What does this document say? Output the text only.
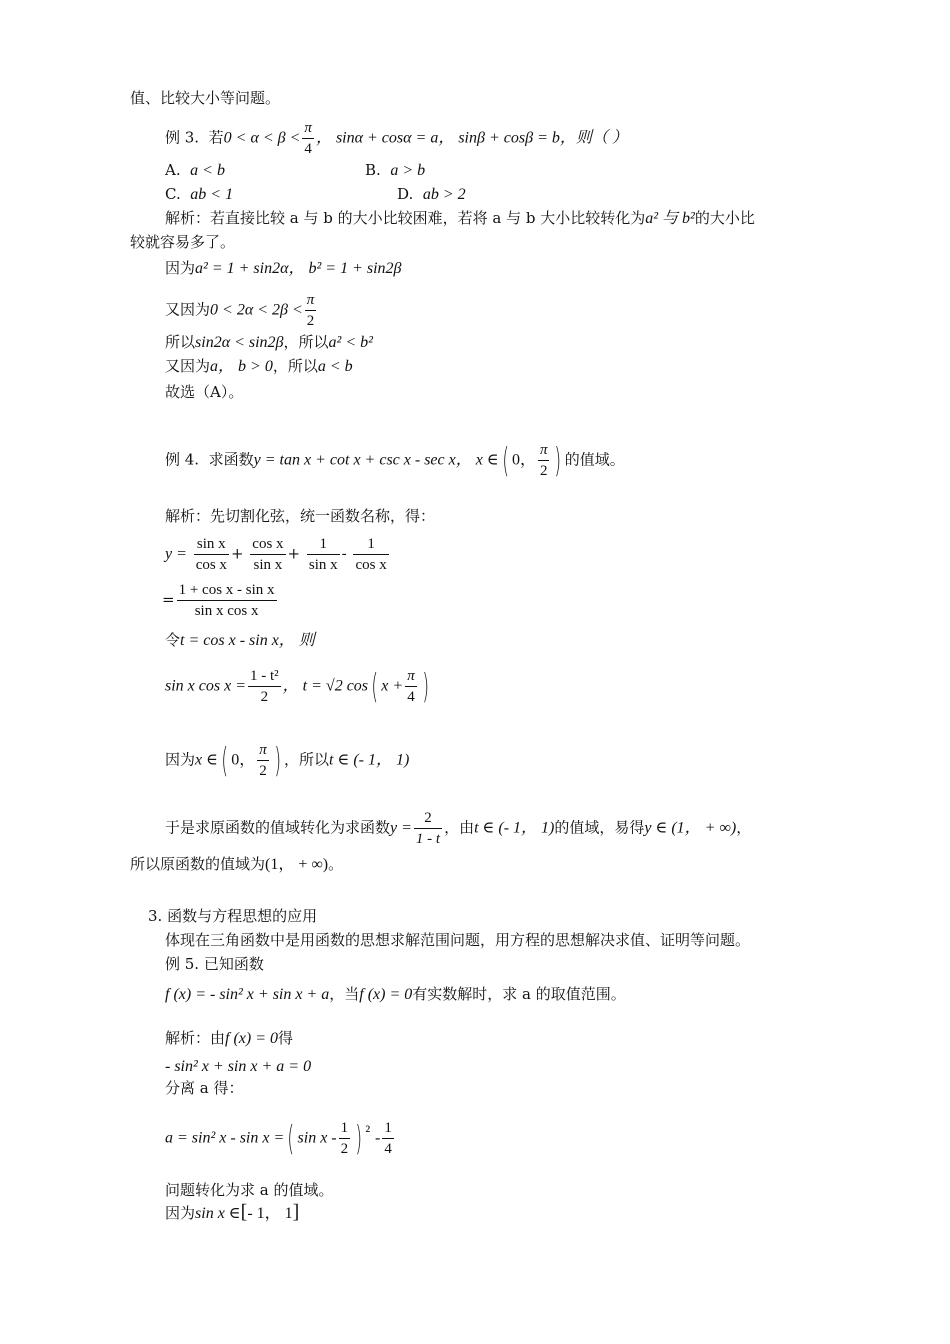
值、比较大小等问题。
例 3. 若$0 < \alpha < \beta < \frac{\pi}{4}$ ， sinα + cosα = a， sinβ + cosβ = b，则（ ）
A. a < b	B. a > b
C. ab < 1	D. ab > 2
解析：若直接比较 a 与 b 的大小比较困难，若将 a 与 b 大小比较转化为a² 与 b²的大小比
较就容易多了。
因为a² = 1 + sin2α， b² = 1 + sin2β
又因为$0 < 2\alpha < 2\beta < \frac{\pi}{2}$
所以sin2α < sin2β，所以a² < b²
又因为a， b > 0，所以a < b
故选（A）。
例 4. 求函数y = tan x + cot x + csc x - sec x， x ∈( 0， $\frac{\pi}{2}$ ) 的值域。
解析：先切割化弦，统一函数名称，得：
$y = \frac{\text{sin x}}{\text{cos x}} + \frac{\text{cos x}}{\text{sin x}} + \frac{1}{\text{sin x}} - \frac{1}{\text{cos x}}$
= $\frac{\text{1 + cos x - sin x}}{\text{sin x cos x}}$
令t = cos x - sin x， 则
sin x $\cos x = \frac{\text{1 - t²}}{2}$ ， t = √2 cos( $x + \frac{\pi}{4}$ )
因为x ∈( 0， $\frac{\pi}{2}$ ) ，所以t ∈ (- 1， 1)
于是求原函数的值域转化为求函数$y = \frac{2}{1 - t}$ ，由t ∈ (- 1， 1)的值域，易得y ∈ (1， + ∞)，
所以原函数的值域为(1， + ∞)。
3. 函数与方程思想的应用
体现在三角函数中是用函数的思想求解范围问题，用方程的思想解决求值、证明等问题。
例 5. 已知函数
f (x) = - sin² x + sin x + a，当f (x) = 0有实数解时，求 a 的取值范围。
解析：由f (x) = 0得
- sin² x + sin x + a = 0
分离 a 得：
a = sin² x - sin x =( sin x - $\frac{1}{2}$ ) $^{^2} - \frac{1}{4}$
问题转化为求 a 的值域。
因为sin x ∈[- 1， 1]
